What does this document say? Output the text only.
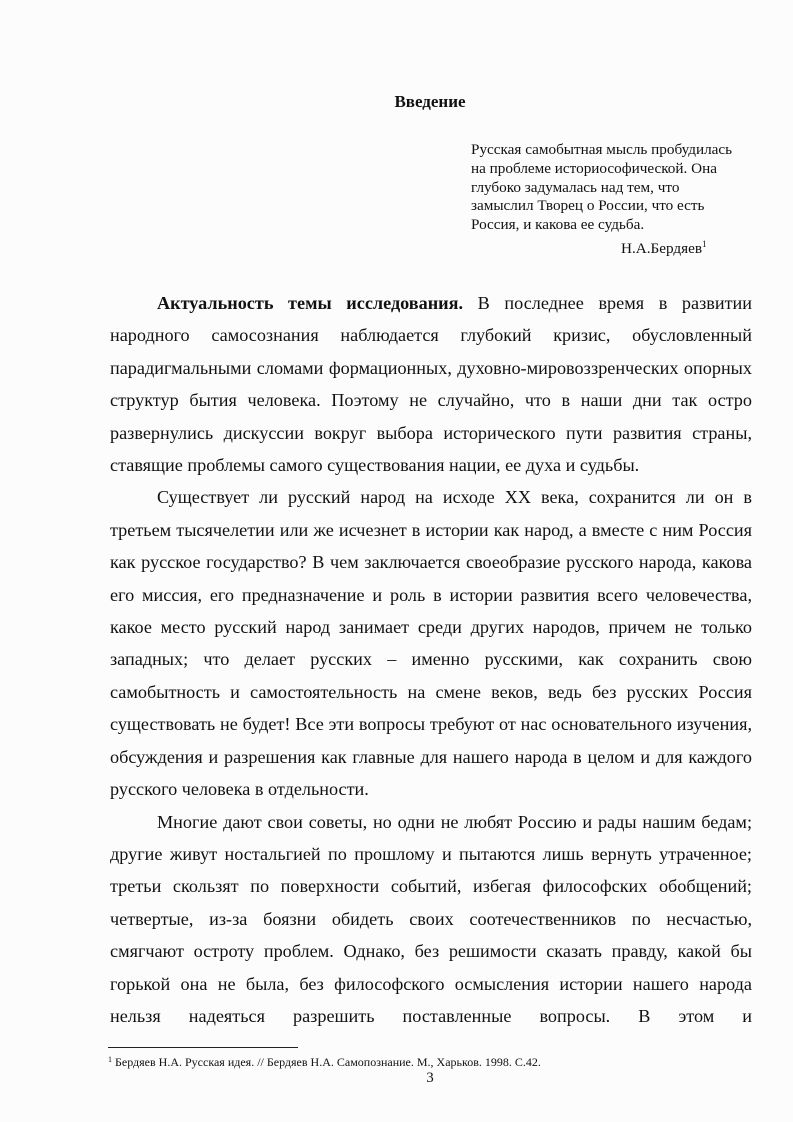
Введение
Русская самобытная мысль пробудилась
на проблеме историософической. Она
глубоко задумалась над тем, что
замыслил Творец о России, что есть
Россия, и какова ее судьба.
Н.А.Бердяев$^1$

Актуальность темы исследования. В последнее время в развитии народного самосознания наблюдается глубокий кризис, обусловленный парадигмальными сломами формационных, духовно-мировоззренческих опорных структур бытия человека. Поэтому не случайно, что в наши дни так остро развернулись дискуссии вокруг выбора исторического пути развития страны, ставящие проблемы самого существования нации, ее духа и судьбы.

Существует ли русский народ на исходе XX века, сохранится ли он в третьем тысячелетии или же исчезнет в истории как народ, а вместе с ним Россия как русское государство? В чем заключается своеобразие русского народа, какова его миссия, его предназначение и роль в истории развития всего человечества, какое место русский народ занимает среди других народов, причем не только западных; что делает русских – именно русскими, как сохранить свою самобытность и самостоятельность на смене веков, ведь без русских Россия существовать не будет! Все эти вопросы требуют от нас основательного изучения, обсуждения и разрешения как главные для нашего народа в целом и для каждого русского человека в отдельности.

Многие дают свои советы, но одни не любят Россию и рады нашим бедам; другие живут ностальгией по прошлому и пытаются лишь вернуть утраченное; третьи скользят по поверхности событий, избегая философских обобщений; четвертые, из-за боязни обидеть своих соотечественников по несчастью, смягчают остроту проблем. Однако, без решимости сказать правду, какой бы горькой она не была, без философского осмысления истории нашего народа нельзя надеяться разрешить поставленные вопросы. В этом и

$^1$ Бердяев Н.А. Русская идея. // Бердяев Н.А. Самопознание. М., Харьков. 1998. С.42.
3
